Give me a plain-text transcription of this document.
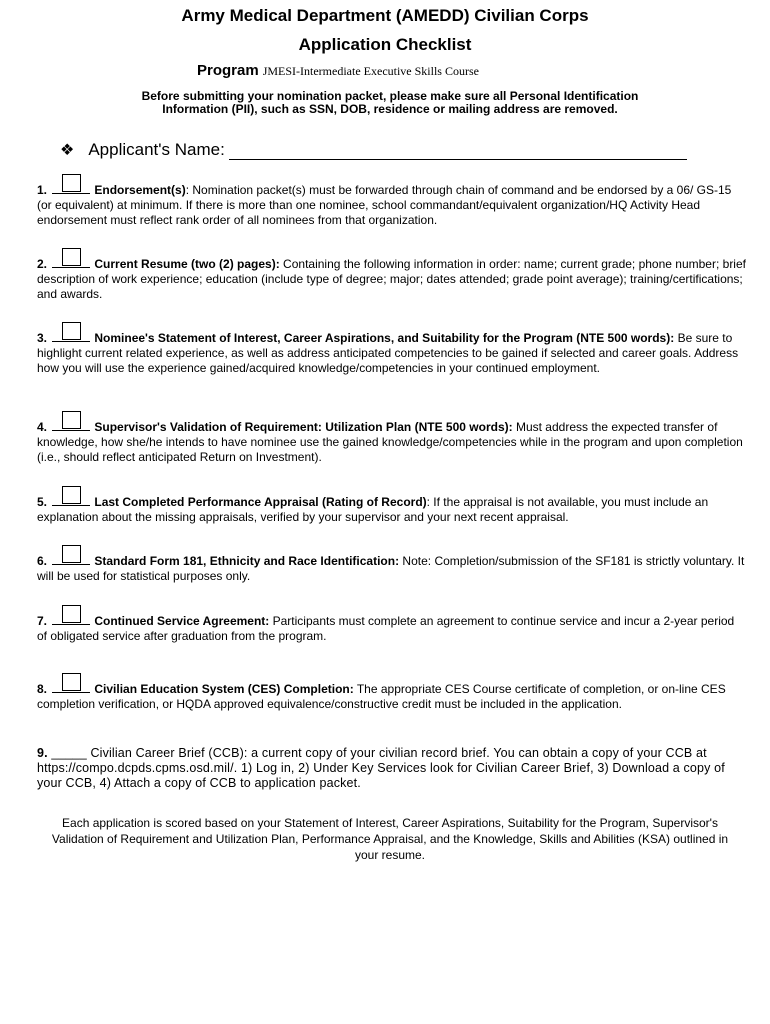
Army Medical Department (AMEDD) Civilian Corps
Application Checklist
Program JMESI-Intermediate Executive Skills Course
Before submitting your nomination packet, please make sure all Personal Identification Information (PII), such as SSN, DOB, residence or mailing address are removed.
❖ Applicant's Name:
1.	Endorsement(s): Nomination packet(s) must be forwarded through chain of command and be endorsed by a 06/ GS-15 (or equivalent) at minimum. If there is more than one nominee, school commandant/equivalent organization/HQ Activity Head endorsement must reflect rank order of all nominees from that organization.
2.	Current Resume (two (2) pages): Containing the following information in order: name; current grade; phone number; brief description of work experience; education (include type of degree; major; dates attended; grade point average); training/certifications; and awards.
3.	Nominee's Statement of Interest, Career Aspirations, and Suitability for the Program (NTE 500 words): Be sure to highlight current related experience, as well as address anticipated competencies to be gained if selected and career goals. Address how you will use the experience gained/acquired knowledge/competencies in your continued employment.
4.	Supervisor's Validation of Requirement: Utilization Plan (NTE 500 words): Must address the expected transfer of knowledge, how she/he intends to have nominee use the gained knowledge/competencies while in the program and upon completion (i.e., should reflect anticipated Return on Investment).
5.	Last Completed Performance Appraisal (Rating of Record): If the appraisal is not available, you must include an explanation about the missing appraisals, verified by your supervisor and your next recent appraisal.
6.	Standard Form 181, Ethnicity and Race Identification: Note: Completion/submission of the SF181 is strictly voluntary. It will be used for statistical purposes only.
7.	Continued Service Agreement: Participants must complete an agreement to continue service and incur a 2-year period of obligated service after graduation from the program.
8.	Civilian Education System (CES) Completion: The appropriate CES Course certificate of completion, or on-line CES completion verification, or HQDA approved equivalence/constructive credit must be included in the application.
9. _____ Civilian Career Brief (CCB): a current copy of your civilian record brief. You can obtain a copy of your CCB at https://compo.dcpds.cpms.osd.mil/. 1) Log in, 2) Under Key Services look for Civilian Career Brief, 3) Download a copy of your CCB, 4) Attach a copy of CCB to application packet.
Each application is scored based on your Statement of Interest, Career Aspirations, Suitability for the Program, Supervisor's Validation of Requirement and Utilization Plan, Performance Appraisal, and the Knowledge, Skills and Abilities (KSA) outlined in your resume.
